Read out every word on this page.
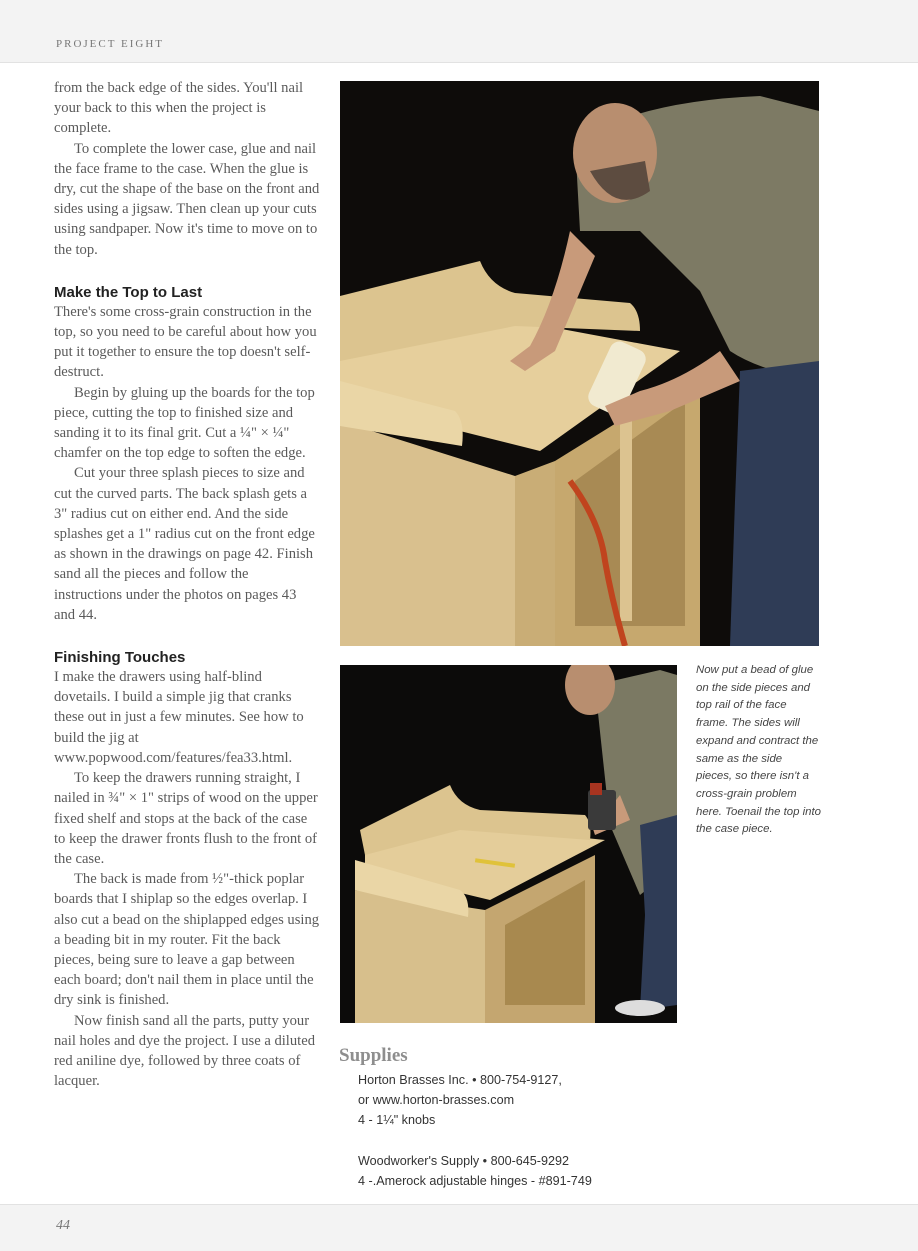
PROJECT EIGHT

from the back edge of the sides. You'll nail your back to this when the project is complete.

To complete the lower case, glue and nail the face frame to the case. When the glue is dry, cut the shape of the base on the front and sides using a jigsaw. Then clean up your cuts using sandpaper. Now it's time to move on to the top.

Make the Top to Last

There's some cross-grain construction in the top, so you need to be careful about how you put it together to ensure the top doesn't self-destruct.

Begin by gluing up the boards for the top piece, cutting the top to finished size and sanding it to its final grit. Cut a ¼" × ¼" chamfer on the top edge to soften the edge.

Cut your three splash pieces to size and cut the curved parts. The back splash gets a 3" radius cut on either end. And the side splashes get a 1" radius cut on the front edge as shown in the drawings on page 42. Finish sand all the pieces and follow the instructions under the photos on pages 43 and 44.

Finishing Touches

I make the drawers using half-blind dovetails. I build a simple jig that cranks these out in just a few minutes. See how to build the jig at www.popwood.com/features/fea33.html.

To keep the drawers running straight, I nailed in ¾" × 1" strips of wood on the upper fixed shelf and stops at the back of the case to keep the drawer fronts flush to the front of the case.

The back is made from ½"-thick poplar boards that I shiplap so the edges overlap. I also cut a bead on the shiplapped edges using a beading bit in my router. Fit the back pieces, being sure to leave a gap between each board; don't nail them in place until the dry sink is finished.

Now finish sand all the parts, putty your nail holes and dye the project. I use a diluted red aniline dye, followed by three coats of lacquer.

Now put a bead of glue on the side pieces and top rail of the face frame. The sides will expand and contract the same as the side pieces, so there isn't a cross-grain problem here. Toenail the top into the case piece.
Supplies
Horton Brasses Inc. • 800-754-9127,
or www.horton-brasses.com
4 - 1¼" knobs
Woodworker's Supply • 800-645-9292
4 -.Amerock adjustable hinges - #891-749
44
